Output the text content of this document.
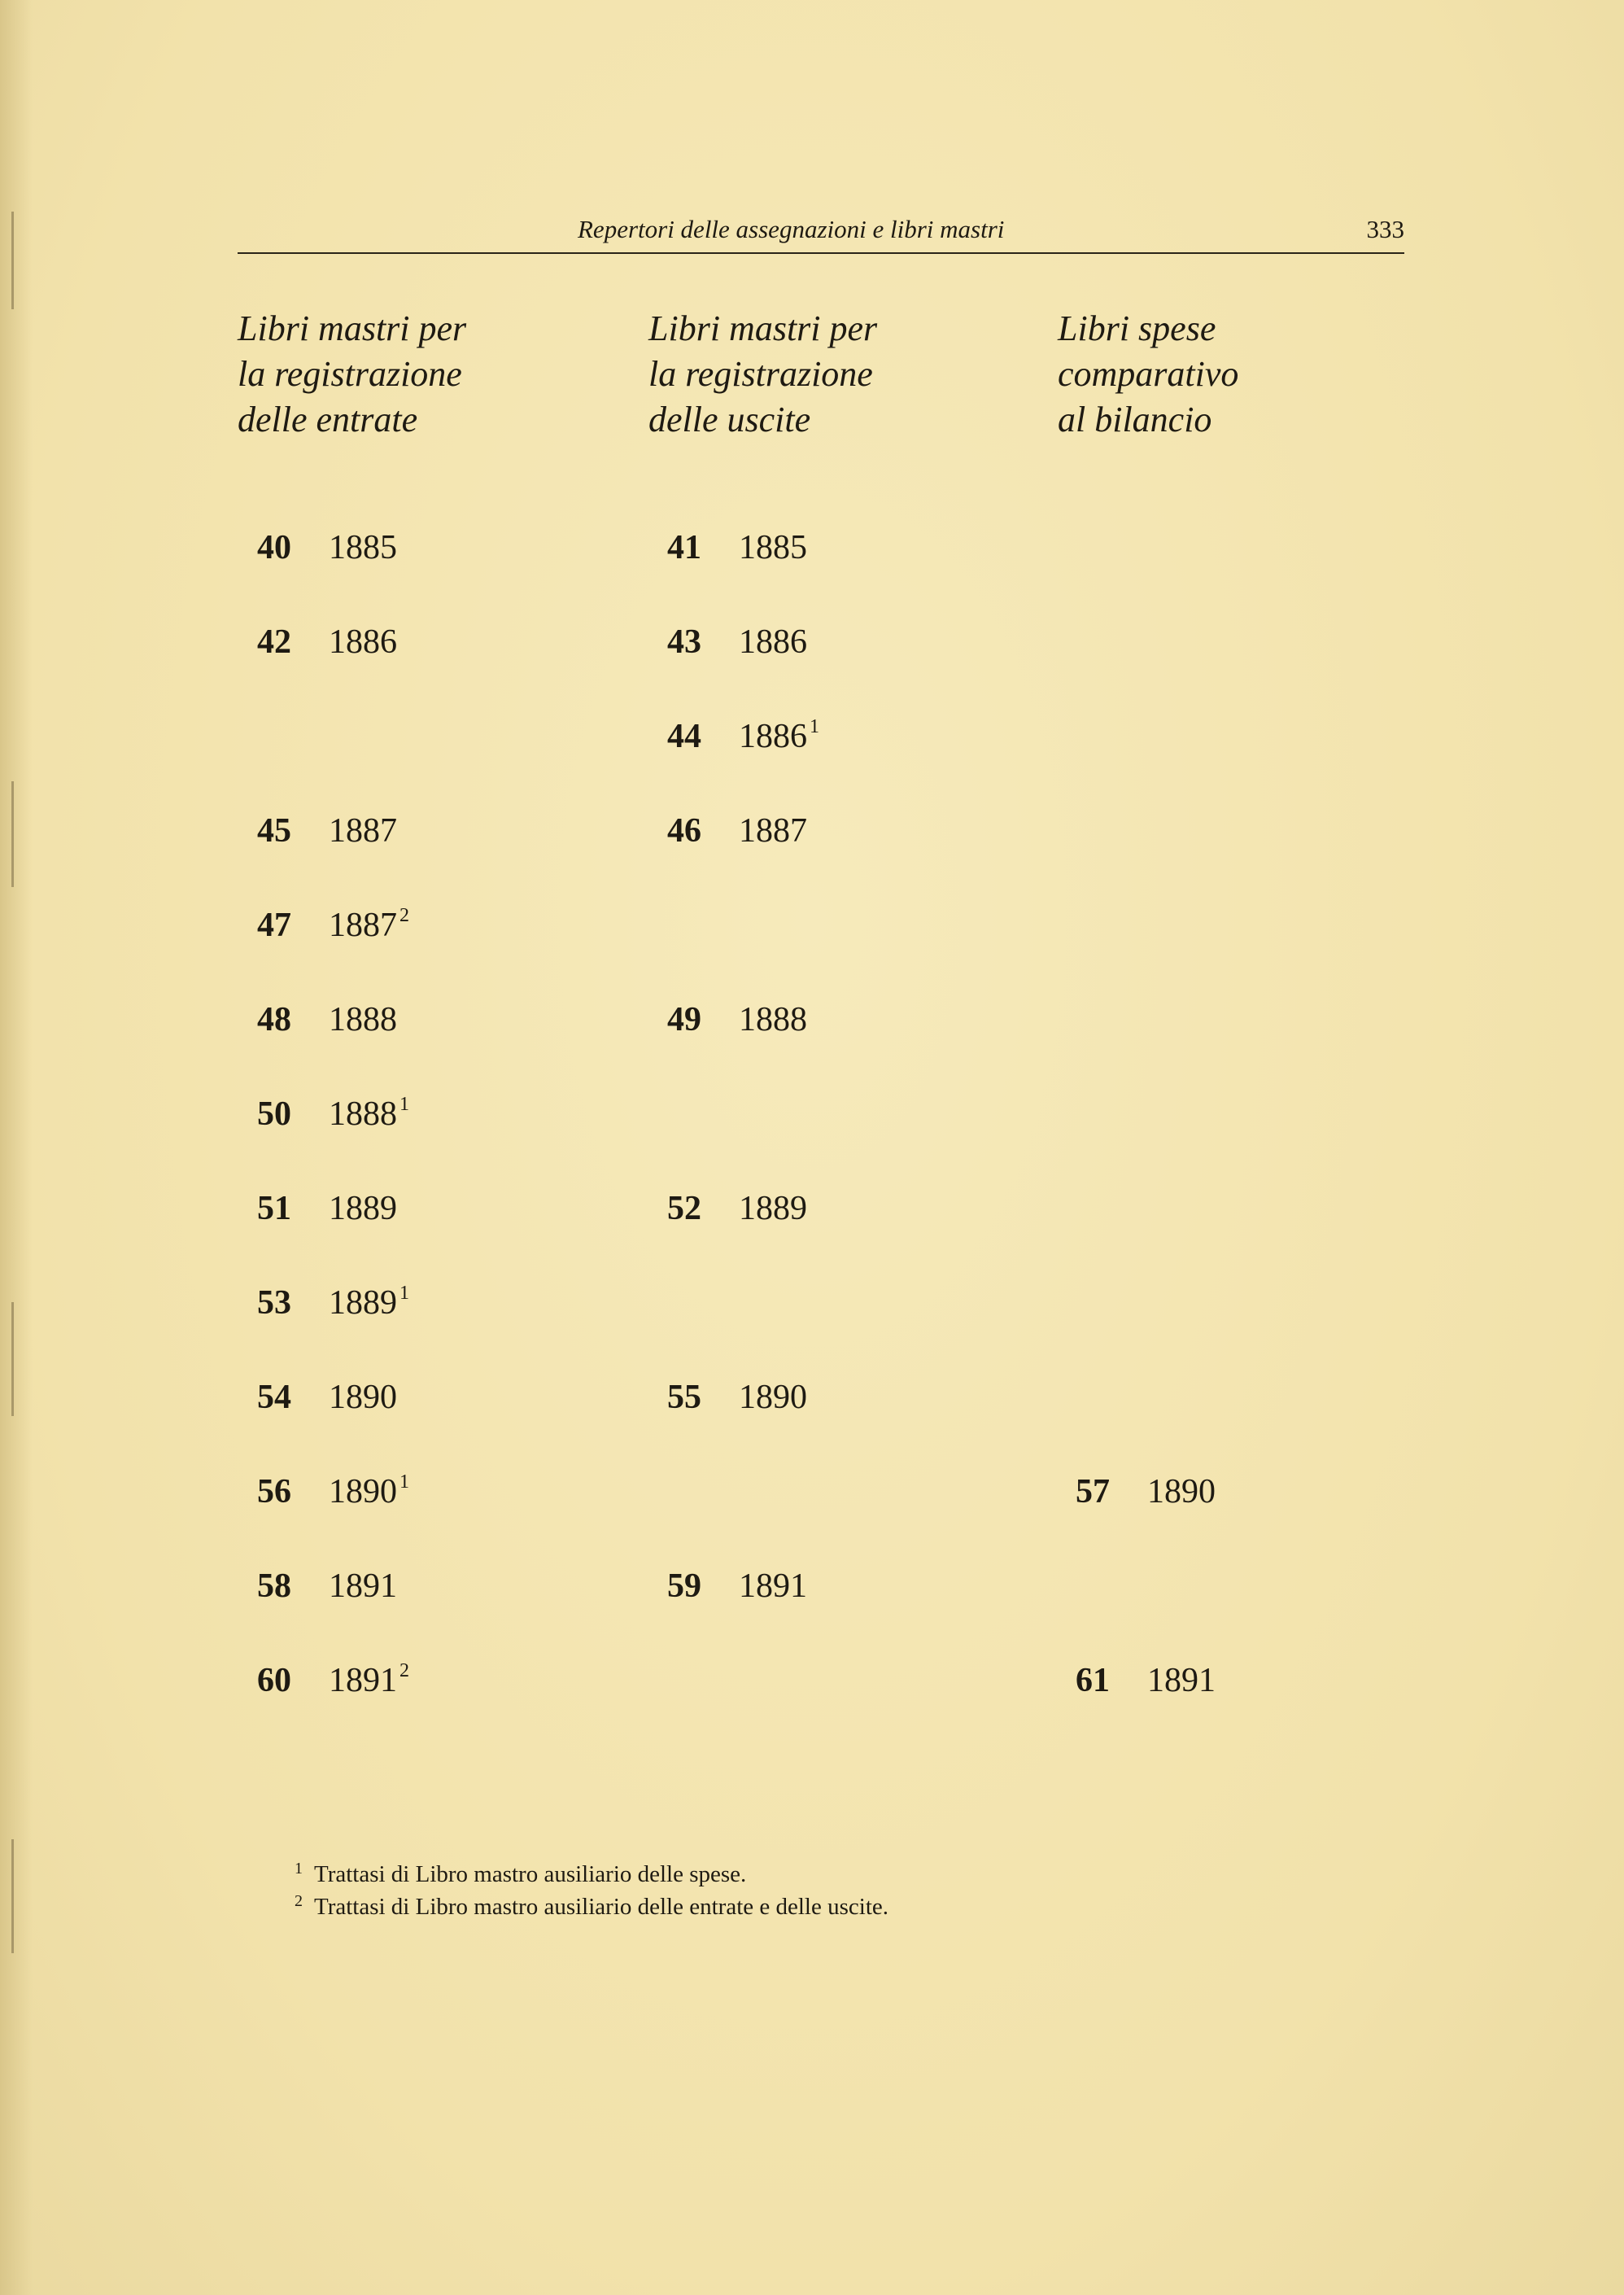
Repertori delle assegnazioni e libri mastri	333
Libri mastri per
la registrazione
delle entrate
Libri mastri per
la registrazione
delle uscite
Libri spese
comparativo
al bilancio
40 1885
42 1886
45 1887
47 1887 $^2$
48 1888
50 1888 $^1$
51 1889
53 1889 $^1$
54 1890
56 1890 $^1$
58 1891
60 1891 $^2$
41 1885
43 1886
44 1886 $^1$
46 1887
49 1888
52 1889
55 1890
59 1891
57 1890
61 1891
$^1$ Trattasi di Libro mastro ausiliario delle spese.
$^2$ Trattasi di Libro mastro ausiliario delle entrate e delle uscite.
